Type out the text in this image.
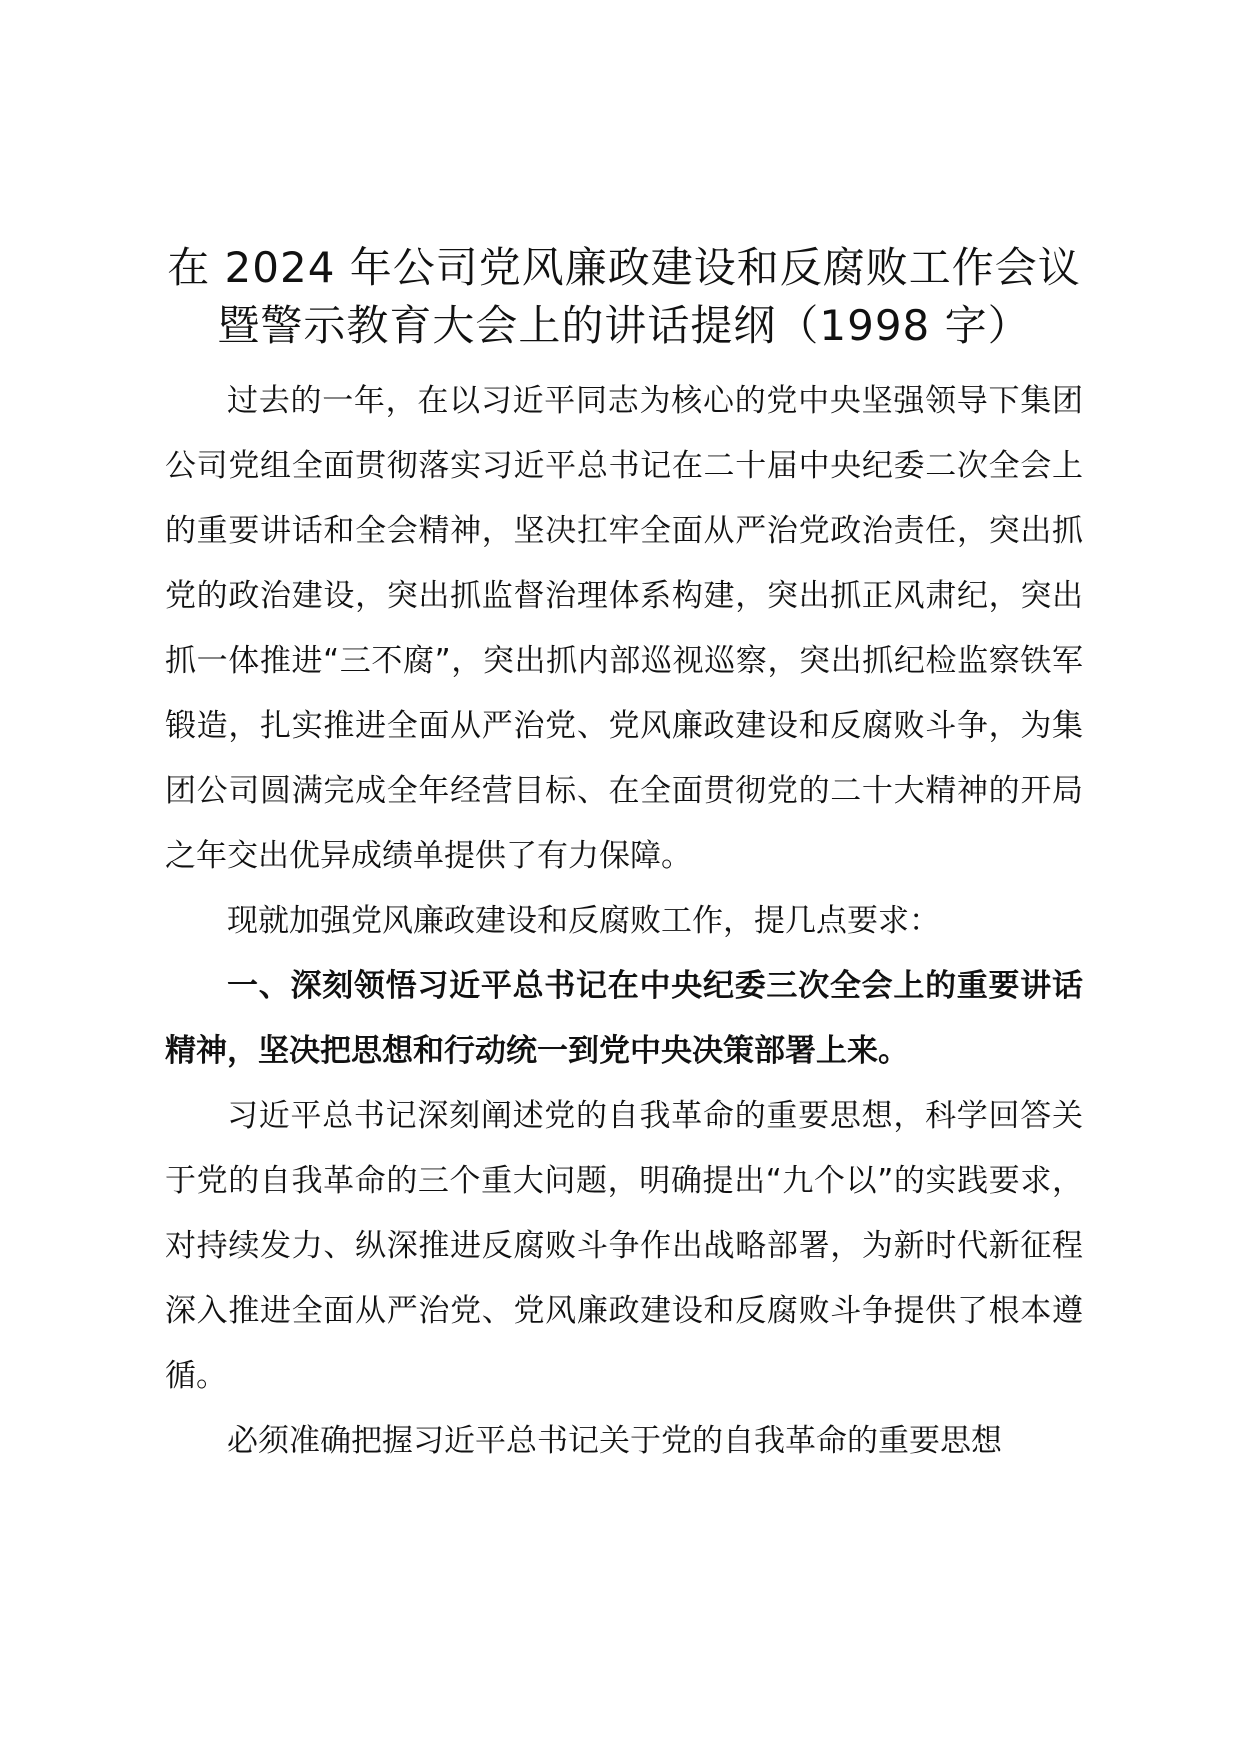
在 2024 年公司党风廉政建设和反腐败工作会议暨警示教育大会上的讲话提纲（1998 字）

过去的一年，在以习近平同志为核心的党中央坚强领导下集团公司党组全面贯彻落实习近平总书记在二十届中央纪委二次全会上的重要讲话和全会精神，坚决扛牢全面从严治党政治责任，突出抓党的政治建设，突出抓监督治理体系构建，突出抓正风肃纪，突出抓一体推进“三不腐”，突出抓内部巡视巡察，突出抓纪检监察铁军锻造，扎实推进全面从严治党、党风廉政建设和反腐败斗争，为集团公司圆满完成全年经营目标、在全面贯彻党的二十大精神的开局之年交出优异成绩单提供了有力保障。

现就加强党风廉政建设和反腐败工作，提几点要求：

一、深刻领悟习近平总书记在中央纪委三次全会上的重要讲话精神，坚决把思想和行动统一到党中央决策部署上来。

习近平总书记深刻阐述党的自我革命的重要思想，科学回答关于党的自我革命的三个重大问题，明确提出“九个以”的实践要求，对持续发力、纵深推进反腐败斗争作出战略部署，为新时代新征程深入推进全面从严治党、党风廉政建设和反腐败斗争提供了根本遵循。

必须准确把握习近平总书记关于党的自我革命的重要思想
